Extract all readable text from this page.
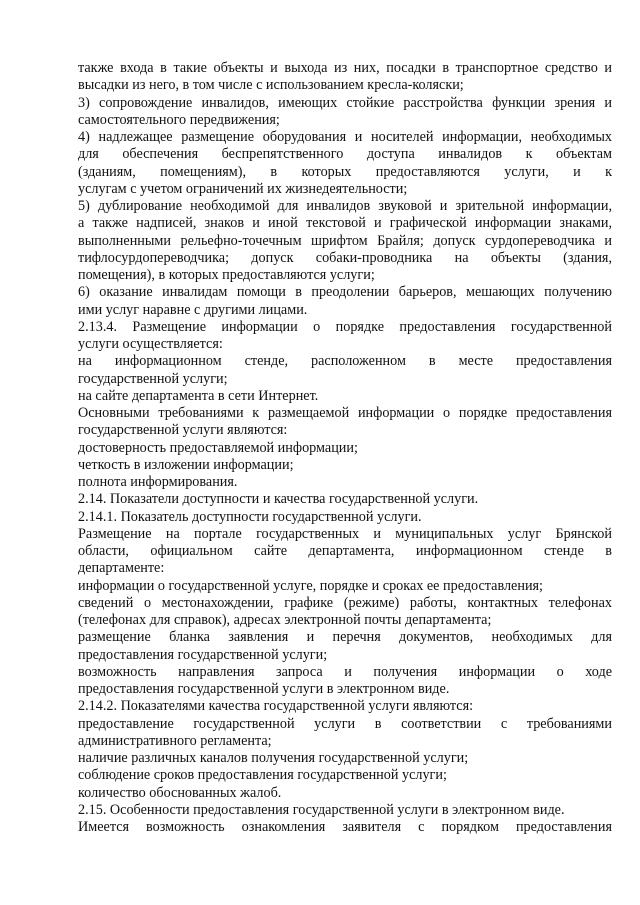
также входа в такие объекты и выхода из них, посадки в транспортное средство и
высадки из него, в том числе с использованием кресла-коляски;
3) сопровождение инвалидов, имеющих стойкие расстройства функции зрения и
самостоятельного передвижения;
4) надлежащее размещение оборудования и носителей информации, необходимых
для обеспечения беспрепятственного доступа инвалидов к объектам
(зданиям, помещениям), в которых предоставляются услуги, и к
услугам с учетом ограничений их жизнедеятельности;
5) дублирование необходимой для инвалидов звуковой и зрительной информации,
а также надписей, знаков и иной текстовой и графической информации знаками,
выполненными рельефно-точечным шрифтом Брайля; допуск сурдопереводчика и
тифлосурдопереводчика; допуск собаки-проводника на объекты (здания,
помещения), в которых предоставляются услуги;
6) оказание инвалидам помощи в преодолении барьеров, мешающих получению
ими услуг наравне с другими лицами.
2.13.4. Размещение информации о порядке предоставления государственной
услуги осуществляется:
на информационном стенде, расположенном в месте предоставления
государственной услуги;
на сайте департамента в сети Интернет.
Основными требованиями к размещаемой информации о порядке предоставления
государственной услуги являются:
достоверность предоставляемой информации;
четкость в изложении информации;
полнота информирования.
2.14. Показатели доступности и качества государственной услуги.
2.14.1. Показатель доступности государственной услуги.
Размещение на портале государственных и муниципальных услуг Брянской
области, официальном сайте департамента, информационном стенде в
департаменте:
информации о государственной услуге, порядке и сроках ее предоставления;
сведений о местонахождении, графике (режиме) работы, контактных телефонах
(телефонах для справок), адресах электронной почты департамента;
размещение бланка заявления и перечня документов, необходимых для
предоставления государственной услуги;
возможность направления запроса и получения информации о ходе
предоставления государственной услуги в электронном виде.
2.14.2. Показателями качества государственной услуги являются:
предоставление государственной услуги в соответствии с требованиями
административного регламента;
наличие различных каналов получения государственной услуги;
соблюдение сроков предоставления государственной услуги;
количество обоснованных жалоб.
2.15. Особенности предоставления государственной услуги в электронном виде.
Имеется возможность ознакомления заявителя с порядком предоставления
